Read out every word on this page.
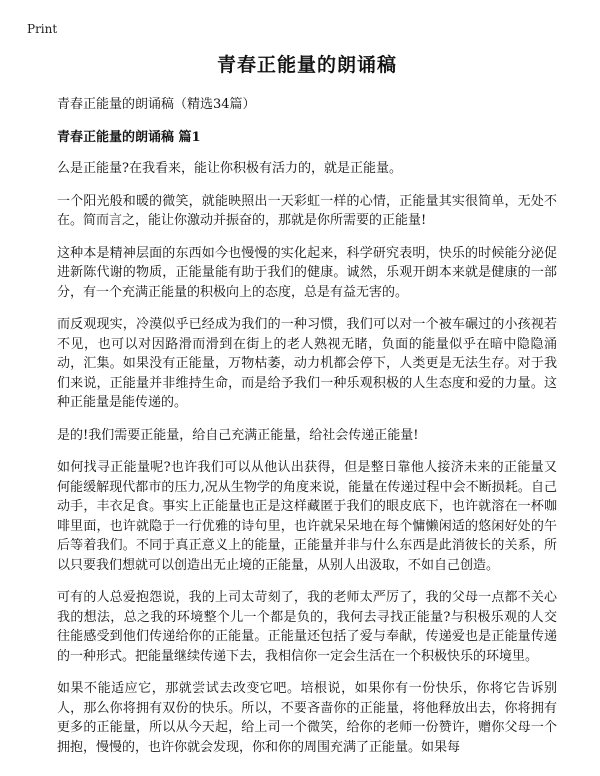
Print
青春正能量的朗诵稿
青春正能量的朗诵稿（精选34篇）
青春正能量的朗诵稿 篇1

么是正能量?在我看来，能让你积极有活力的，就是正能量。

一个阳光般和暖的微笑，就能映照出一天彩虹一样的心情，正能量其实很简单，无处不在。简而言之，能让你激动并振奋的，那就是你所需要的正能量!

这种本是精神层面的东西如今也慢慢的实化起来，科学研究表明，快乐的时候能分泌促进新陈代谢的物质，正能量能有助于我们的健康。诚然，乐观开朗本来就是健康的一部分，有一个充满正能量的积极向上的态度，总是有益无害的。

而反观现实，冷漠似乎已经成为我们的一种习惯，我们可以对一个被车碾过的小孩视若不见，也可以对因路滑而滑到在街上的老人熟视无睹，负面的能量似乎在暗中隐隐涌动，汇集。如果没有正能量，万物枯萎，动力机都会停下，人类更是无法生存。对于我们来说，正能量并非维持生命，而是给予我们一种乐观积极的人生态度和爱的力量。这种正能量是能传递的。

是的!我们需要正能量，给自己充满正能量，给社会传递正能量!

如何找寻正能量呢?也许我们可以从他认出获得，但是整日靠他人接济未来的正能量又何能缓解现代都市的压力,况从生物学的角度来说，能量在传递过程中会不断损耗。自己动手，丰衣足食。事实上正能量也正是这样藏匿于我们的眼皮底下，也许就溶在一杯咖啡里面，也许就隐于一行优雅的诗句里，也许就呆呆地在每个慵懒闲适的悠闲好处的午后等着我们。不同于真正意义上的能量，正能量并非与什么东西是此消彼长的关系，所以只要我们想就可以创造出无止境的正能量，从别人出汲取，不如自己创造。

可有的人总爱抱怨说，我的上司太苛刻了，我的老师太严厉了，我的父母一点都不关心我的想法，总之我的环境整个儿一个都是负的，我何去寻找正能量?与积极乐观的人交往能感受到他们传递给你的正能量。正能量还包括了爱与奉献，传递爱也是正能量传递的一种形式。把能量继续传递下去，我相信你一定会生活在一个积极快乐的环境里。

如果不能适应它，那就尝试去改变它吧。培根说，如果你有一份快乐，你将它告诉别人，那么你将拥有双份的快乐。所以，不要吝啬你的正能量，将他释放出去，你将拥有更多的正能量，所以从今天起，给上司一个微笑，给你的老师一份赞许，赠你父母一个拥抱，慢慢的，也许你就会发现，你和你的周围充满了正能量。如果每
